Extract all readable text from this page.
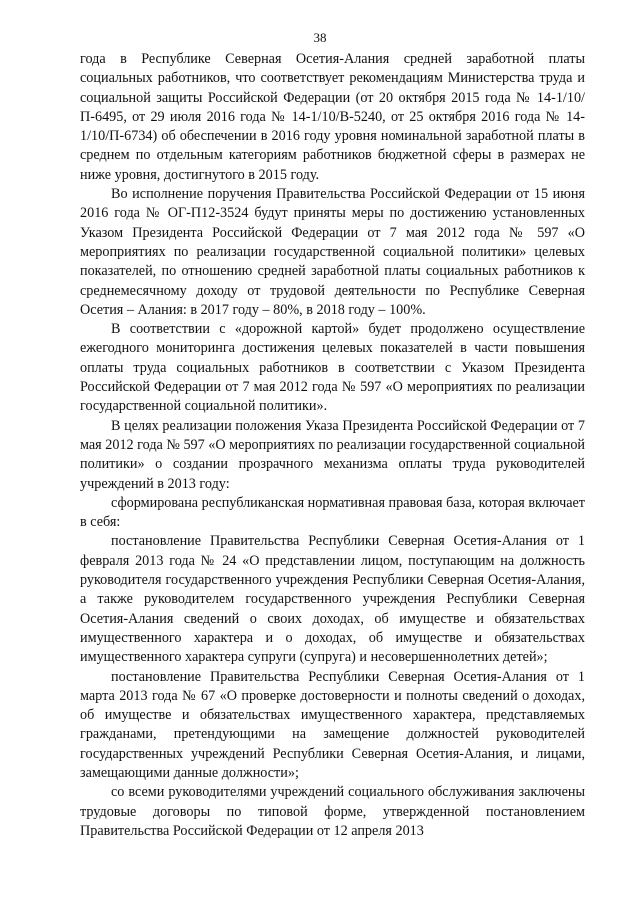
38

года в Республике Северная Осетия-Алания средней заработной платы социальных работников, что соответствует рекомендациям Министерства труда и социальной защиты Российской Федерации (от 20 октября 2015 года № 14-1/10/П-6495, от 29 июля 2016 года № 14-1/10/В-5240, от 25 октября 2016 года № 14-1/10/П-6734) об обеспечении в 2016 году уровня номинальной заработной платы в среднем по отдельным категориям работников бюджетной сферы в размерах не ниже уровня, достигнутого в 2015 году.

Во исполнение поручения Правительства Российской Федерации от 15 июня 2016 года № ОГ-П12-3524 будут приняты меры по достижению установленных Указом Президента Российской Федерации от 7 мая 2012 года № 597 «О мероприятиях по реализации государственной социальной политики» целевых показателей, по отношению средней заработной платы социальных работников к среднемесячному доходу от трудовой деятельности по Республике Северная Осетия – Алания: в 2017 году – 80%, в 2018 году – 100%.

В соответствии с «дорожной картой» будет продолжено осуществление ежегодного мониторинга достижения целевых показателей в части повышения оплаты труда социальных работников в соответствии с Указом Президента Российской Федерации от 7 мая 2012 года № 597 «О мероприятиях по реализации государственной социальной политики».

В целях реализации положения Указа Президента Российской Федерации от 7 мая 2012 года № 597 «О мероприятиях по реализации государственной социальной политики» о создании прозрачного механизма оплаты труда руководителей учреждений в 2013 году:

сформирована республиканская нормативная правовая база, которая включает в себя:

постановление Правительства Республики Северная Осетия-Алания от 1 февраля 2013 года № 24 «О представлении лицом, поступающим на должность руководителя государственного учреждения Республики Северная Осетия-Алания, а также руководителем государственного учреждения Республики Северная Осетия-Алания сведений о своих доходах, об имуществе и обязательствах имущественного характера и о доходах, об имуществе и обязательствах имущественного характера супруги (супруга) и несовершеннолетних детей»;

постановление Правительства Республики Северная Осетия-Алания от 1 марта 2013 года № 67 «О проверке достоверности и полноты сведений о доходах, об имуществе и обязательствах имущественного характера, представляемых гражданами, претендующими на замещение должностей руководителей государственных учреждений Республики Северная Осетия-Алания, и лицами, замещающими данные должности»;

со всеми руководителями учреждений социального обслуживания заключены трудовые договоры по типовой форме, утвержденной постановлением Правительства Российской Федерации от 12 апреля 2013
